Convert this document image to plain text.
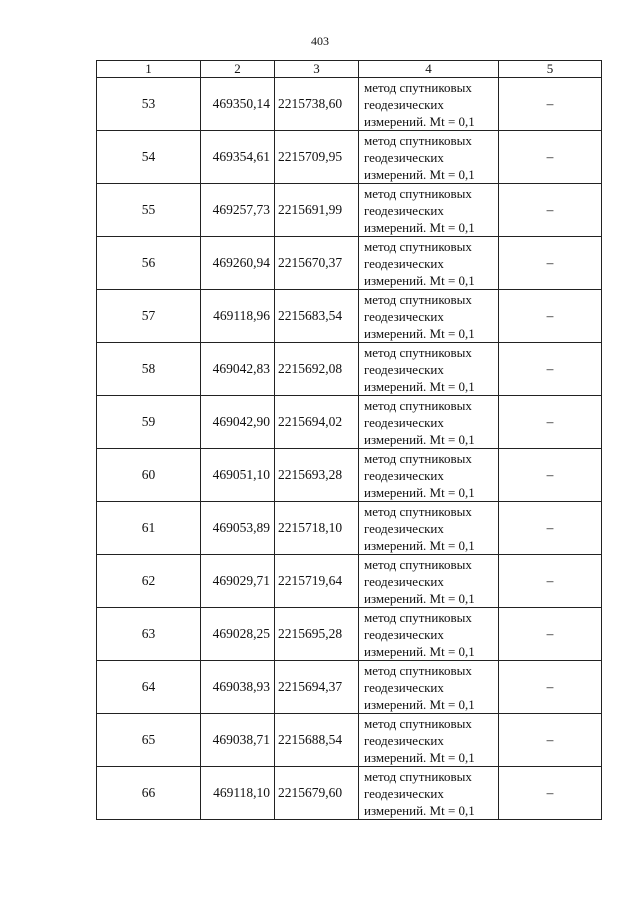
403
1	2	3	4	5
53	469350,14	2215738,60	метод спутниковых
геодезических
измерений. Mt = 0,1	–
54	469354,61	2215709,95	метод спутниковых
геодезических
измерений. Mt = 0,1	–
55	469257,73	2215691,99	метод спутниковых
геодезических
измерений. Mt = 0,1	–
56	469260,94	2215670,37	метод спутниковых
геодезических
измерений. Mt = 0,1	–
57	469118,96	2215683,54	метод спутниковых
геодезических
измерений. Mt = 0,1	–
58	469042,83	2215692,08	метод спутниковых
геодезических
измерений. Mt = 0,1	–
59	469042,90	2215694,02	метод спутниковых
геодезических
измерений. Mt = 0,1	–
60	469051,10	2215693,28	метод спутниковых
геодезических
измерений. Mt = 0,1	–
61	469053,89	2215718,10	метод спутниковых
геодезических
измерений. Mt = 0,1	–
62	469029,71	2215719,64	метод спутниковых
геодезических
измерений. Mt = 0,1	–
63	469028,25	2215695,28	метод спутниковых
геодезических
измерений. Mt = 0,1	–
64	469038,93	2215694,37	метод спутниковых
геодезических
измерений. Mt = 0,1	–
65	469038,71	2215688,54	метод спутниковых
геодезических
измерений. Mt = 0,1	–
66	469118,10	2215679,60	метод спутниковых
геодезических
измерений. Mt = 0,1	–
